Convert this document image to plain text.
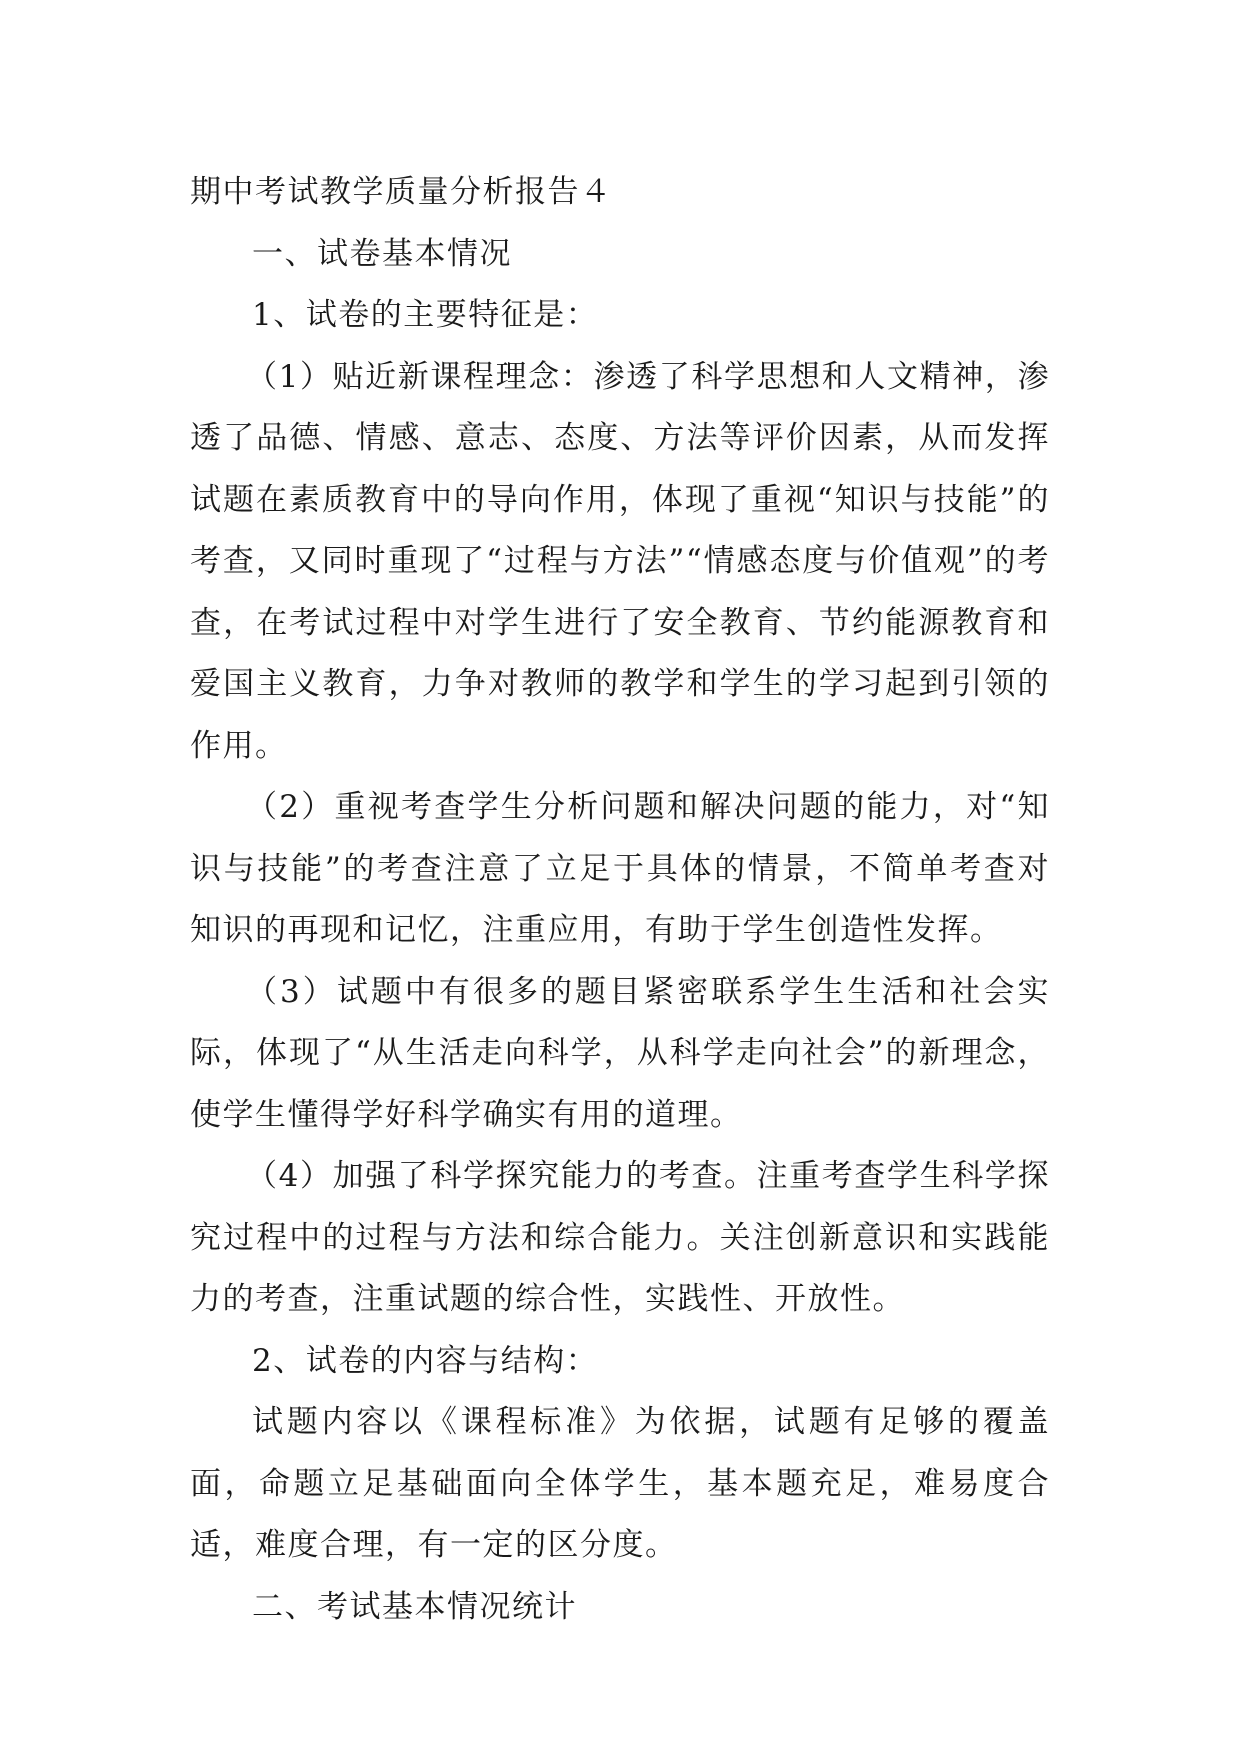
期中考试教学质量分析报告４

一、试卷基本情况

1、试卷的主要特征是：

（1）贴近新课程理念：渗透了科学思想和人文精神，渗透了品德、情感、意志、态度、方法等评价因素，从而发挥试题在素质教育中的导向作用，体现了重视“知识与技能”的考查，又同时重现了“过程与方法”“情感态度与价值观”的考查，在考试过程中对学生进行了安全教育、节约能源教育和爱国主义教育，力争对教师的教学和学生的学习起到引领的作用。

（2）重视考查学生分析问题和解决问题的能力，对“知识与技能”的考查注意了立足于具体的情景，不简单考查对知识的再现和记忆，注重应用，有助于学生创造性发挥。

（3）试题中有很多的题目紧密联系学生生活和社会实际，体现了“从生活走向科学，从科学走向社会”的新理念，使学生懂得学好科学确实有用的道理。

（4）加强了科学探究能力的考查。注重考查学生科学探究过程中的过程与方法和综合能力。关注创新意识和实践能力的考查，注重试题的综合性，实践性、开放性。

2、试卷的内容与结构：

试题内容以《课程标准》为依据，试题有足够的覆盖面，命题立足基础面向全体学生，基本题充足，难易度合适，难度合理，有一定的区分度。

二、考试基本情况统计
